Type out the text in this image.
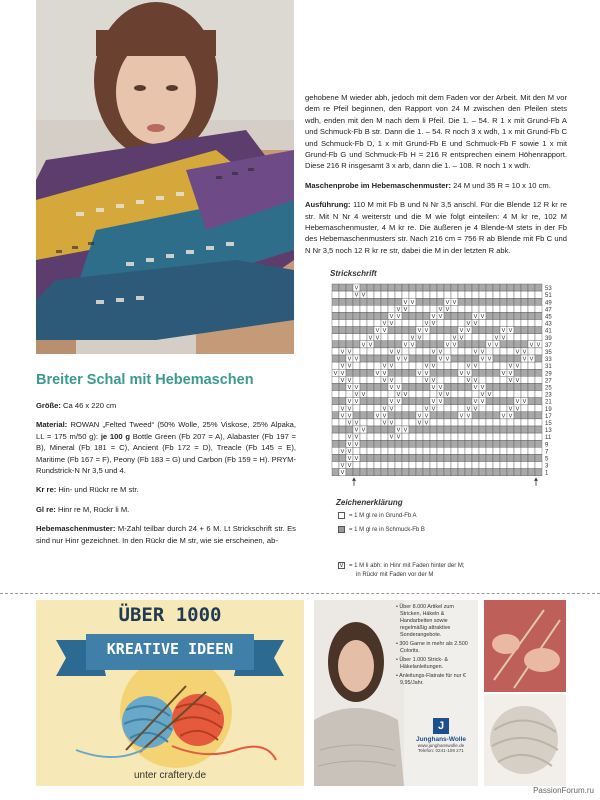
Breiter Schal mit Hebemaschen

Größe: Ca 46 x 220 cm

Material: ROWAN „Felted Tweed“ (50% Wolle, 25% Viskose, 25% Alpaka, LL = 175 m/50 g): je 100 g Bottle Green (Fb 207 = A), Alabaster (Fb 197 = B), Mineral (Fb 181 = C), Ancient (Fb 172 = D), Treacle (Fb 145 = E), Maritime (Fb 167 = F), Peony (Fb 183 = G) und Carbon (Fb 159 = H). PRYM-Rundstrick-N Nr 3,5 und 4.

Kr re: Hin- und Rückr re M str.

Gl re: Hinr re M, Rückr li M.

Hebemaschenmuster: M-Zahl teilbar durch 24 + 6 M. Lt Strickschrift str. Es sind nur Hinr gezeichnet. In den Rückr die M str, wie sie erscheinen, ab-

gehobene M wieder abh, jedoch mit dem Faden vor der Arbeit. Mit den M vor dem re Pfeil beginnen, den Rapport von 24 M zwischen den Pfeilen stets wdh, enden mit den M nach dem li Pfeil. Die 1. – 54. R 1 x mit Grund-Fb A und Schmuck-Fb B str. Dann die 1. – 54. R noch 3 x wdh, 1 x mit Grund-Fb C und Schmuck-Fb D, 1 x mit Grund-Fb E und Schmuck-Fb F sowie 1 x mit Grund-Fb G und Schmuck-Fb H = 216 R entsprechen einem Höhenrapport. Diese 216 R insgesamt 3 x arb, dann die 1. – 108. R noch 1 x wdh.

Maschenprobe im Hebemaschenmuster: 24 M und 35 R = 10 x 10 cm.

Ausführung: 110 M mit Fb B und N Nr 3,5 anschl. Für die Blende 12 R kr re str. Mit N Nr 4 weiterstr und die M wie folgt einteilen: 4 M kr re, 102 M Hebemaschenmuster, 4 M kr re. Die äußeren je 4 Blende-M stets in der Fb des Hebemaschenmusters str. Nach 216 cm = 756 R ab Blende mit Fb C und N Nr 3,5 noch 12 R kr re str, dabei die M in der letzten R abk.

Strickschrift
V
V V
V V	V V
V V	V V
V V	V V	V V
V V	V V	V V
V V	V V	V V	V V
V V	V V	V V	V V
V V	V V	V V	V V	V V
V V	V V	V V	V V	V V
V V	V V	V V	V V	V V
V V	V V	V V	V V	V V
V V	V V	V V	V V	V V
V V	V V	V V	V V	V V
V V	V V	V V	V V
V V	V V	V V	V V
V V	V V	V V	V V	V V
V V	V V	V V	V V	V V
V V	V V	V V	V V	V V
V V	V V	V V
V V	V V
V V	V V
V V
V V
V V
V V
V
53
51
49
47
45
43
41
39
37
35
33
31
29
27
25
23
21
19
17
15
13
11
9
7
5
3
1
Zeichenerklärung
= 1 M gl re in Grund-Fb A
= 1 M gl re in Schmuck-Fb B
V = 1 M li abh: in Hinr mit Faden hinter der M;
in Rückr mit Faden vor der M
ÜBER 1000
KREATIVE IDEEN
unter craftery.de
• Über 8.000 Artikel zum Stricken, Häkeln & Handarbeiten sowie regelmäßig attraktive Sonderangebote.
• 300 Garne in mehr als 2.500 Colorits.
• Über 1.000 Strick- & Häkelanleitungen.
• Anleitungs-Flatrate für nur € 9,95/Jahr.
J
Junghans-Wolle
www.junghanswolle.de
Telefon: 0241-109 271
PassionForum.ru
